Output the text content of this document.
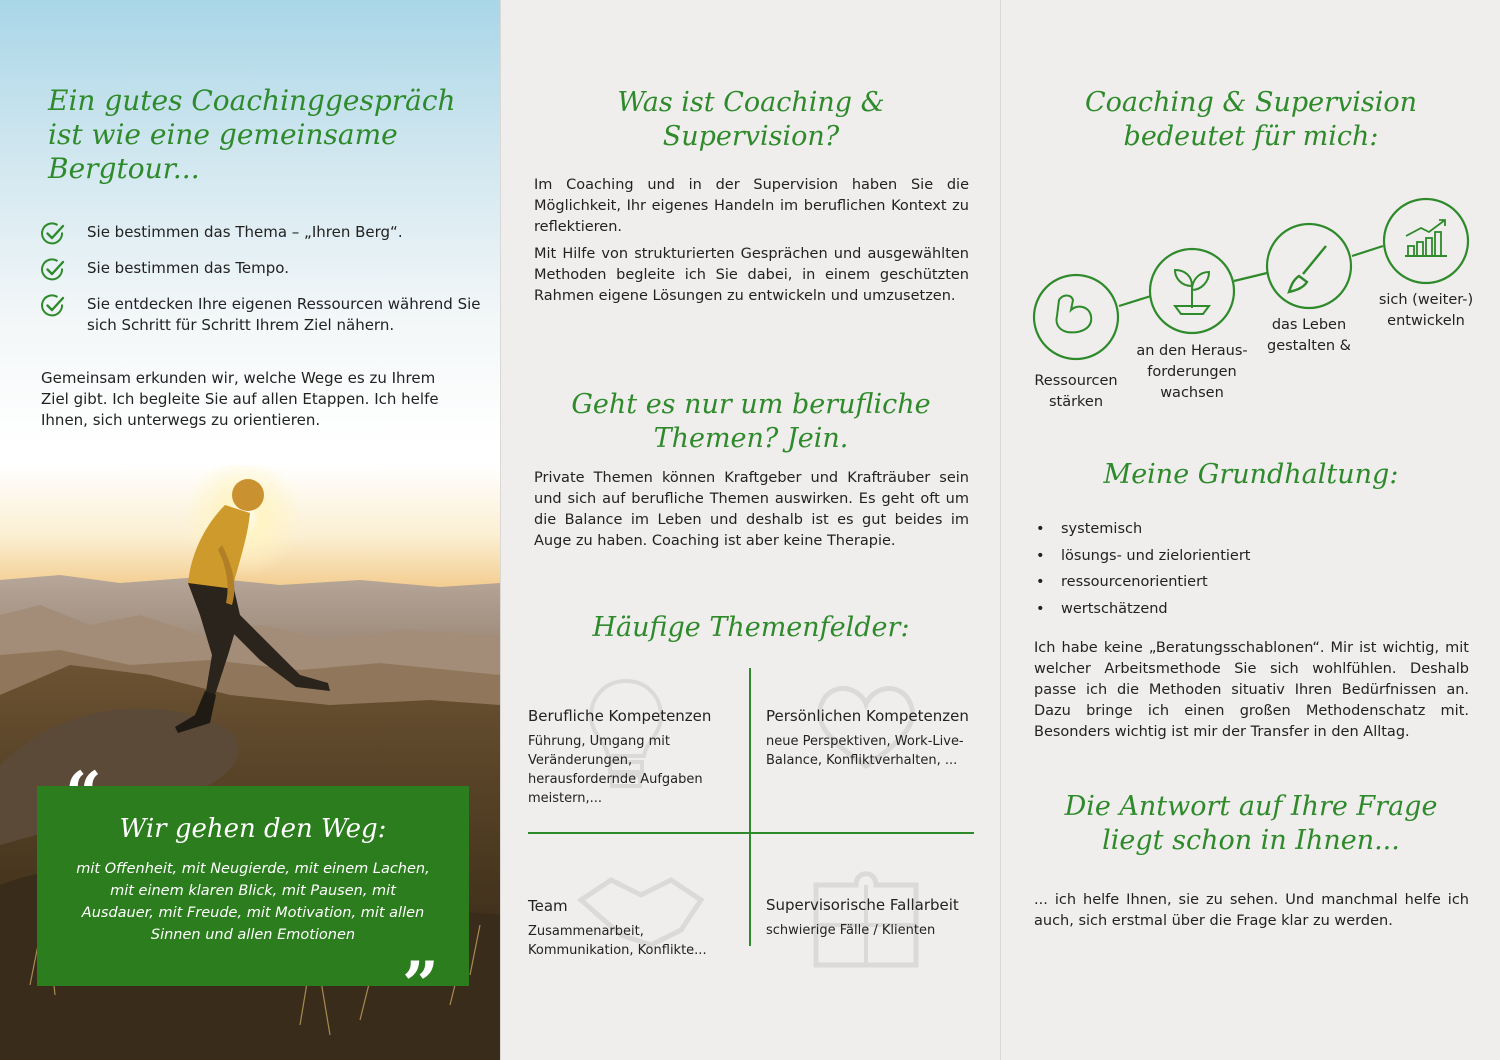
Ein gutes Coachinggespräch ist wie eine gemeinsame Bergtour...
Sie bestimmen das Thema – „Ihren Berg“.
Sie bestimmen das Tempo.
Sie entdecken Ihre eigenen Ressourcen während Sie sich Schritt für Schritt Ihrem Ziel nähern.

Gemeinsam erkunden wir, welche Wege es zu Ihrem Ziel gibt. Ich begleite Sie auf allen Etappen. Ich helfe Ihnen, sich unterwegs zu orientieren.

Wir gehen den Weg:
mit Offenheit, mit Neugierde, mit einem Lachen, mit einem klaren Blick, mit Pausen, mit Ausdauer, mit Freude, mit Motivation, mit allen Sinnen und allen Emotionen
”
Was ist Coaching & Supervision?

Im Coaching und in der Supervision haben Sie die Möglichkeit, Ihr eigenes Handeln im beruflichen Kontext zu reflektieren.

Mit Hilfe von strukturierten Gesprächen und ausgewählten Methoden begleite ich Sie dabei, in einem geschützten Rahmen eigene Lösungen zu entwickeln und umzusetzen.

Geht es nur um berufliche Themen? Jein.

Private Themen können Kraftgeber und Krafträuber sein und sich auf berufliche Themen auswirken. Es geht oft um die Balance im Leben und deshalb ist es gut beides im Auge zu haben. Coaching ist aber keine Therapie.

Häufige Themenfelder:
Berufliche Kompetenzen
Führung, Umgang mit Veränderungen, herausfordernde Aufgaben meistern,...
Persönlichen Kompetenzen
neue Perspektiven, Work-Live-Balance, Konfliktverhalten, ...
Team
Zusammenarbeit, Kommunikation, Konflikte...
Supervisorische Fallarbeit
schwierige Fälle / Klienten
Coaching & Supervision bedeutet für mich:
Ressourcen
stärken
an den Heraus-
forderungen
wachsen
das Leben
gestalten &
sich (weiter-)
entwickeln
Meine Grundhaltung:
• systemisch
• lösungs- und zielorientiert
• ressourcenorientiert
• wertschätzend

Ich habe keine „Beratungsschablonen“. Mir ist wichtig, mit welcher Arbeitsmethode Sie sich wohlfühlen. Deshalb passe ich die Methoden situativ Ihren Bedürfnissen an. Dazu bringe ich einen großen Methodenschatz mit. Besonders wichtig ist mir der Transfer in den Alltag.

Die Antwort auf Ihre Frage liegt schon in Ihnen...

... ich helfe Ihnen, sie zu sehen. Und manchmal helfe ich auch, sich erstmal über die Frage klar zu werden.
